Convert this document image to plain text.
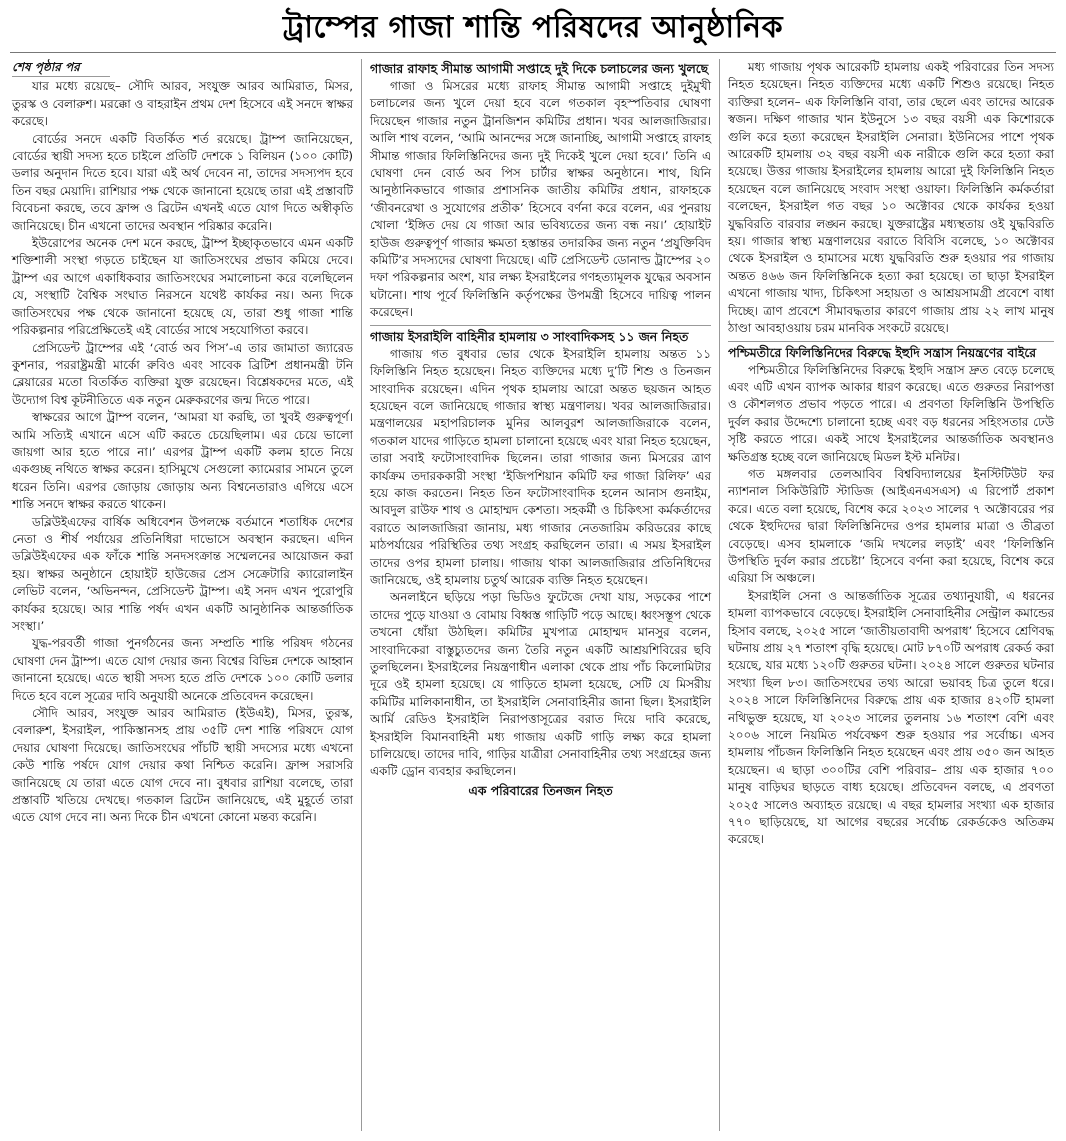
ট্রাম্পের গাজা শান্তি পরিষদের আনুষ্ঠানিক
শেষ পৃষ্ঠার পর

যার মধ্যে রয়েছে– সৌদি আরব, সংযুক্ত আরব আমিরাত, মিসর, তুরস্ক ও বেলারুশ। মরক্কো ও বাহরাইন প্রথম দেশ হিসেবে এই সনদে স্বাক্ষর করেছে।

বোর্ডের সনদে একটি বিতর্কিত শর্ত রয়েছে। ট্রাম্প জানিয়েছেন, বোর্ডের স্থায়ী সদস্য হতে চাইলে প্রতিটি দেশকে ১ বিলিয়ন (১০০ কোটি) ডলার অনুদান দিতে হবে। যারা এই অর্থ দেবেন না, তাদের সদস্যপদ হবে তিন বছর মেয়াদি। রাশিয়ার পক্ষ থেকে জানানো হয়েছে তারা এই প্রস্তাবটি বিবেচনা করছে, তবে ফ্রান্স ও ব্রিটেন এখনই এতে যোগ দিতে অস্বীকৃতি জানিয়েছে। চীন এখনো তাদের অবস্থান পরিষ্কার করেনি।

ইউরোপের অনেক দেশ মনে করছে, ট্রাম্প ইচ্ছাকৃতভাবে এমন একটি শক্তিশালী সংস্থা গড়তে চাইছেন যা জাতিসংঘের প্রভাব কমিয়ে দেবে। ট্রাম্প এর আগে একাধিকবার জাতিসংঘের সমালোচনা করে বলেছিলেন যে, সংস্থাটি বৈশ্বিক সংঘাত নিরসনে যথেষ্ট কার্যকর নয়। অন্য দিকে জাতিসংঘের পক্ষ থেকে জানানো হয়েছে যে, তারা শুধু গাজা শান্তি পরিকল্পনার পরিপ্রেক্ষিতেই এই বোর্ডের সাথে সহযোগিতা করবে।

প্রেসিডেন্ট ট্রাম্পের এই ‘বোর্ড অব পিস’-এ তার জামাতা জ্যারেড কুশনার, পররাষ্ট্রমন্ত্রী মার্কো রুবিও এবং সাবেক ব্রিটিশ প্রধানমন্ত্রী টনি ব্লেয়ারের মতো বিতর্কিত ব্যক্তিরা যুক্ত রয়েছেন। বিশ্লেষকদের মতে, এই উদ্যোগ বিশ্ব কূটনীতিতে এক নতুন মেরুকরণের জন্ম দিতে পারে।

স্বাক্ষরের আগে ট্রাম্প বলেন, ‘আমরা যা করছি, তা খুবই গুরুত্বপূর্ণ। আমি সত্যিই এখানে এসে এটি করতে চেয়েছিলাম। এর চেয়ে ভালো জায়গা আর হতে পারে না।’ এরপর ট্রাম্প একটি কলম হাতে নিয়ে একগুচ্ছ নথিতে স্বাক্ষর করেন। হাসিমুখে সেগুলো ক্যামেরার সামনে তুলে ধরেন তিনি। এরপর জোড়ায় জোড়ায় অন্য বিশ্বনেতারাও এগিয়ে এসে শান্তি সনদে স্বাক্ষর করতে থাকেন।

ডব্লিউইএফের বার্ষিক অধিবেশন উপলক্ষে বর্তমানে শতাধিক দেশের নেতা ও শীর্ষ পর্যায়ের প্রতিনিধিরা দাভোসে অবস্থান করছেন। এদিন ডব্লিউইএফের এক ফাঁকে শান্তি সনদসংক্রান্ত সম্মেলনের আয়োজন করা হয়। স্বাক্ষর অনুষ্ঠানে হোয়াইট হাউজের প্রেস সেক্রেটারি ক্যারোলাইন লেভিট বলেন, ‘অভিনন্দন, প্রেসিডেন্ট ট্রাম্প। এই সনদ এখন পুরোপুরি কার্যকর হয়েছে। আর শান্তি পর্ষদ এখন একটি আনুষ্ঠানিক আন্তর্জাতিক সংস্থা।’

যুদ্ধ-পরবর্তী গাজা পুনর্গঠনের জন্য সম্প্রতি শান্তি পরিষদ গঠনের ঘোষণা দেন ট্রাম্প। এতে যোগ দেয়ার জন্য বিশ্বের বিভিন্ন দেশকে আহ্বান জানানো হয়েছে। এতে স্থায়ী সদস্য হতে প্রতি দেশকে ১০০ কোটি ডলার দিতে হবে বলে সূত্রের দাবি অনুযায়ী অনেকে প্রতিবেদন করেছেন।

সৌদি আরব, সংযুক্ত আরব আমিরাত (ইউএই), মিসর, তুরস্ক, বেলারুশ, ইসরাইল, পাকিস্তানসহ প্রায় ৩৫টি দেশ শান্তি পরিষদে যোগ দেয়ার ঘোষণা দিয়েছে। জাতিসংঘের পাঁচটি স্থায়ী সদস্যের মধ্যে এখনো কেউ শান্তি পর্ষদে যোগ দেয়ার কথা নিশ্চিত করেনি। ফ্রান্স সরাসরি জানিয়েছে যে তারা এতে যোগ দেবে না। বুধবার রাশিয়া বলেছে, তারা প্রস্তাবটি খতিয়ে দেখছে। গতকাল ব্রিটেন জানিয়েছে, এই মুহূর্তে তারা এতে যোগ দেবে না। অন্য দিকে চীন এখনো কোনো মন্তব্য করেনি।

গাজার রাফাহ সীমান্ত আগামী সপ্তাহে দুই দিকে চলাচলের জন্য খুলছে

গাজা ও মিসরের মধ্যে রাফাহ সীমান্ত আগামী সপ্তাহে দুইমুখী চলাচলের জন্য খুলে দেয়া হবে বলে গতকাল বৃহস্পতিবার ঘোষণা দিয়েছেন গাজার নতুন ট্রানজিশন কমিটির প্রধান। খবর আলজাজিরার। আলি শাথ বলেন, ‘আমি আনন্দের সঙ্গে জানাচ্ছি, আগামী সপ্তাহে রাফাহ সীমান্ত গাজার ফিলিস্তিনিদের জন্য দুই দিকেই খুলে দেয়া হবে।’ তিনি এ ঘোষণা দেন বোর্ড অব পিস চার্টার স্বাক্ষর অনুষ্ঠানে। শাথ, যিনি আনুষ্ঠানিকভাবে গাজার প্রশাসনিক জাতীয় কমিটির প্রধান, রাফাহকে ‘জীবনরেখা ও সুযোগের প্রতীক’ হিসেবে বর্ণনা করে বলেন, এর পুনরায় খোলা ‘ইঙ্গিত দেয় যে গাজা আর ভবিষ্যতের জন্য বন্ধ নয়।’ হোয়াইট হাউজ গুরুত্বপূর্ণ গাজার ক্ষমতা হস্তান্তর তদারকির জন্য নতুন ‘প্রযুক্তিবিদ কমিটি’র সদস্যদের ঘোষণা দিয়েছে। এটি প্রেসিডেন্ট ডোনাল্ড ট্রাম্পের ২০ দফা পরিকল্পনার অংশ, যার লক্ষ্য ইসরাইলের গণহত্যামূলক যুদ্ধের অবসান ঘটানো। শাথ পূর্বে ফিলিস্তিনি কর্তৃপক্ষের উপমন্ত্রী হিসেবে দায়িত্ব পালন করেছেন।

গাজায় ইসরাইলি বাহিনীর হামলায় ৩ সাংবাদিকসহ ১১ জন নিহত

গাজায় গত বুধবার ভোর থেকে ইসরাইলি হামলায় অন্তত ১১ ফিলিস্তিনি নিহত হয়েছেন। নিহত ব্যক্তিদের মধ্যে দু’টি শিশু ও তিনজন সাংবাদিক রয়েছেন। এদিন পৃথক হামলায় আরো অন্তত ছয়জন আহত হয়েছেন বলে জানিয়েছে গাজার স্বাস্থ্য মন্ত্রণালয়। খবর আলজাজিরার। মন্ত্রণালয়ের মহাপরিচালক মুনির আলবুরশ আলজাজিরাকে বলেন, গতকাল যাদের গাড়িতে হামলা চালানো হয়েছে এবং যারা নিহত হয়েছেন, তারা সবাই ফটোসাংবাদিক ছিলেন। তারা গাজার জন্য মিসরের ত্রাণ কার্যক্রম তদারককারী সংস্থা ‘ইজিপশিয়ান কমিটি ফর গাজা রিলিফ’ এর হয়ে কাজ করতেন। নিহত তিন ফটোসাংবাদিক হলেন আনাস গুনাইম, আবদুল রাউফ শাথ ও মোহাম্মদ কেশতা। সহকর্মী ও চিকিৎসা কর্মকর্তাদের বরাতে আলজাজিরা জানায়, মধ্য গাজার নেতজারিম করিডরের কাছে মাঠপর্যায়ের পরিস্থিতির তথ্য সংগ্রহ করছিলেন তারা। এ সময় ইসরাইল তাদের ওপর হামলা চালায়। গাজায় থাকা আলজাজিরার প্রতিনিধিদের জানিয়েছে, ওই হামলায় চতুর্থ আরেক ব্যক্তি নিহত হয়েছেন।

অনলাইনে ছড়িয়ে পড়া ভিডিও ফুটেজে দেখা যায়, সড়কের পাশে তাদের পুড়ে যাওয়া ও বোমায় বিধ্বস্ত গাড়িটি পড়ে আছে। ধ্বংসস্তূপ থেকে তখনো ধোঁয়া উঠছিল। কমিটির মুখপাত্র মোহাম্মদ মানসুর বলেন, সাংবাদিকেরা বাস্তুচ্যুতদের জন্য তৈরি নতুন একটি আশ্রয়শিবিরের ছবি তুলছিলেন। ইসরাইলের নিয়ন্ত্রণাধীন এলাকা থেকে প্রায় পাঁচ কিলোমিটার দূরে ওই হামলা হয়েছে। যে গাড়িতে হামলা হয়েছে, সেটি যে মিসরীয় কমিটির মালিকানাধীন, তা ইসরাইলি সেনাবাহিনীর জানা ছিল। ইসরাইলি আর্মি রেডিও ইসরাইলি নিরাপত্তাসূত্রের বরাত দিয়ে দাবি করেছে, ইসরাইলি বিমানবাহিনী মধ্য গাজায় একটি গাড়ি লক্ষ্য করে হামলা চালিয়েছে। তাদের দাবি, গাড়ির যাত্রীরা সেনাবাহিনীর তথ্য সংগ্রহের জন্য একটি ড্রোন ব্যবহার করছিলেন।

এক পরিবারের তিনজন নিহত

মধ্য গাজায় পৃথক আরেকটি হামলায় একই পরিবারের তিন সদস্য নিহত হয়েছেন। নিহত ব্যক্তিদের মধ্যে একটি শিশুও রয়েছে। নিহত ব্যক্তিরা হলেন– এক ফিলিস্তিনি বাবা, তার ছেলে এবং তাদের আরেক স্বজন। দক্ষিণ গাজার খান ইউনুসে ১৩ বছর বয়সী এক কিশোরকে গুলি করে হত্যা করেছেন ইসরাইলি সেনারা। ইউনিসের পাশে পৃথক আরেকটি হামলায় ৩২ বছর বয়সী এক নারীকে গুলি করে হত্যা করা হয়েছে। উত্তর গাজায় ইসরাইলের হামলায় আরো দুই ফিলিস্তিনি নিহত হয়েছেন বলে জানিয়েছে সংবাদ সংস্থা ওয়াফা। ফিলিস্তিনি কর্মকর্তারা বলেছেন, ইসরাইল গত বছর ১০ অক্টোবর থেকে কার্যকর হওয়া যুদ্ধবিরতি বারবার লঙ্ঘন করছে। যুক্তরাষ্ট্রের মধ্যস্থতায় ওই যুদ্ধবিরতি হয়। গাজার স্বাস্থ্য মন্ত্রণালয়ের বরাতে বিবিসি বলেছে, ১০ অক্টোবর থেকে ইসরাইল ও হামাসের মধ্যে যুদ্ধবিরতি শুরু হওয়ার পর গাজায় অন্তত ৪৬৬ জন ফিলিস্তিনিকে হত্যা করা হয়েছে। তা ছাড়া ইসরাইল এখনো গাজায় খাদ্য, চিকিৎসা সহায়তা ও আশ্রয়সামগ্রী প্রবেশে বাধা দিচ্ছে। ত্রাণ প্রবেশে সীমাবদ্ধতার কারণে গাজায় প্রায় ২২ লাখ মানুষ ঠাণ্ডা আবহাওয়ায় চরম মানবিক সংকটে রয়েছে।

পশ্চিমতীরে ফিলিস্তিনিদের বিরুদ্ধে ইহুদি সন্ত্রাস নিয়ন্ত্রণের বাইরে

পশ্চিমতীরে ফিলিস্তিনিদের বিরুদ্ধে ইহুদি সন্ত্রাস দ্রুত বেড়ে চলেছে এবং এটি এখন ব্যাপক আকার ধারণ করেছে। এতে গুরুতর নিরাপত্তা ও কৌশলগত প্রভাব পড়তে পারে। এ প্রবণতা ফিলিস্তিনি উপস্থিতি দুর্বল করার উদ্দেশ্যে চালানো হচ্ছে এবং বড় ধরনের সহিংসতার ঢেউ সৃষ্টি করতে পারে। একই সাথে ইসরাইলের আন্তর্জাতিক অবস্থানও ক্ষতিগ্রস্ত হচ্ছে বলে জানিয়েছে মিডল ইস্ট মনিটর।

গত মঙ্গলবার তেলআবিব বিশ্ববিদ্যালয়ের ইনস্টিটিউট ফর ন্যাশনাল সিকিউরিটি স্টাডিজ (আইএনএসএস) এ রিপোর্ট প্রকাশ করে। এতে বলা হয়েছে, বিশেষ করে ২০২৩ সালের ৭ অক্টোবরের পর থেকে ইহুদিদের দ্বারা ফিলিস্তিনিদের ওপর হামলার মাত্রা ও তীব্রতা বেড়েছে। এসব হামলাকে ‘জমি দখলের লড়াই’ এবং ‘ফিলিস্তিনি উপস্থিতি দুর্বল করার প্রচেষ্টা’ হিসেবে বর্ণনা করা হয়েছে, বিশেষ করে এরিয়া সি অঞ্চলে।

ইসরাইলি সেনা ও আন্তর্জাতিক সূত্রের তথ্যানুযায়ী, এ ধরনের হামলা ব্যাপকভাবে বেড়েছে। ইসরাইলি সেনাবাহিনীর সেন্ট্রাল কমান্ডের হিসাব বলছে, ২০২৫ সালে ‘জাতীয়তাবাদী অপরাধ’ হিসেবে শ্রেণিবদ্ধ ঘটনায় প্রায় ২৭ শতাংশ বৃদ্ধি হয়েছে। মোট ৮৭০টি অপরাধ রেকর্ড করা হয়েছে, যার মধ্যে ১২০টি গুরুতর ঘটনা। ২০২৪ সালে গুরুতর ঘটনার সংখ্যা ছিল ৮৩। জাতিসংঘের তথ্য আরো ভয়াবহ চিত্র তুলে ধরে। ২০২৪ সালে ফিলিস্তিনিদের বিরুদ্ধে প্রায় এক হাজার ৪২০টি হামলা নথিভুক্ত হয়েছে, যা ২০২৩ সালের তুলনায় ১৬ শতাংশ বেশি এবং ২০০৬ সালে নিয়মিত পর্যবেক্ষণ শুরু হওয়ার পর সর্বোচ্চ। এসব হামলায় পাঁচজন ফিলিস্তিনি নিহত হয়েছেন এবং প্রায় ৩৫০ জন আহত হয়েছেন। এ ছাড়া ৩০০টির বেশি পরিবার– প্রায় এক হাজার ৭০০ মানুষ বাড়িঘর ছাড়তে বাধ্য হয়েছে। প্রতিবেদন বলছে, এ প্রবণতা ২০২৫ সালেও অব্যাহত রয়েছে। এ বছর হামলার সংখ্যা এক হাজার ৭৭০ ছাড়িয়েছে, যা আগের বছরের সর্বোচ্চ রেকর্ডকেও অতিক্রম করেছে।
